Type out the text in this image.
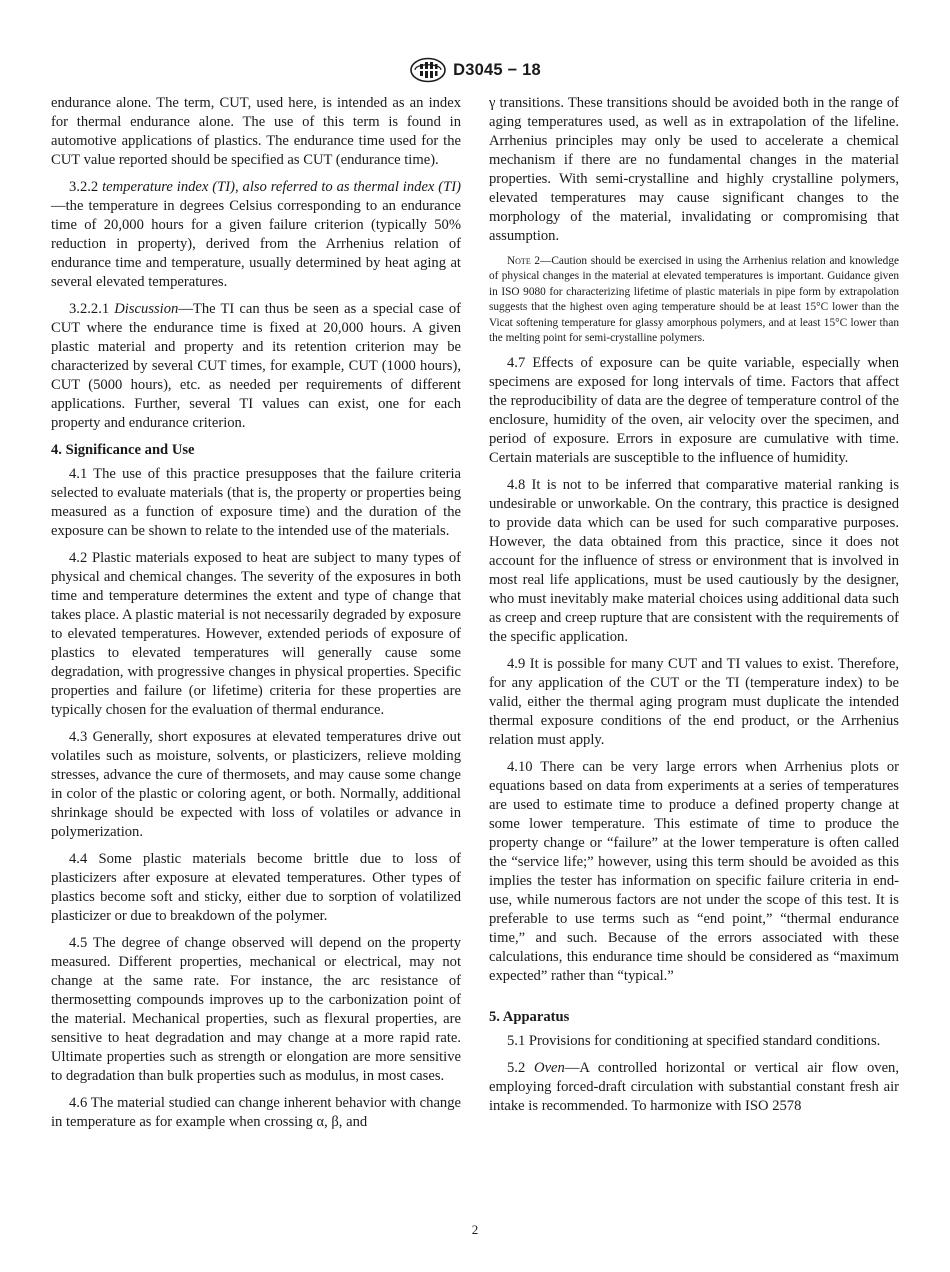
D3045 − 18

endurance alone. The term, CUT, used here, is intended as an index for thermal endurance alone. The use of this term is found in automotive applications of plastics. The endurance time used for the CUT value reported should be specified as CUT (endurance time).

3.2.2 temperature index (TI), also referred to as thermal index (TI)—the temperature in degrees Celsius corresponding to an endurance time of 20,000 hours for a given failure criterion (typically 50% reduction in property), derived from the Arrhenius relation of endurance time and temperature, usually determined by heat aging at several elevated temperatures.

3.2.2.1 Discussion—The TI can thus be seen as a special case of CUT where the endurance time is fixed at 20,000 hours. A given plastic material and property and its retention criterion may be characterized by several CUT times, for example, CUT (1000 hours), CUT (5000 hours), etc. as needed per requirements of different applications. Further, several TI values can exist, one for each property and endurance criterion.

4. Significance and Use

4.1 The use of this practice presupposes that the failure criteria selected to evaluate materials (that is, the property or properties being measured as a function of exposure time) and the duration of the exposure can be shown to relate to the intended use of the materials.

4.2 Plastic materials exposed to heat are subject to many types of physical and chemical changes. The severity of the exposures in both time and temperature determines the extent and type of change that takes place. A plastic material is not necessarily degraded by exposure to elevated temperatures. However, extended periods of exposure of plastics to elevated temperatures will generally cause some degradation, with progressive changes in physical properties. Specific properties and failure (or lifetime) criteria for these properties are typically chosen for the evaluation of thermal endurance.

4.3 Generally, short exposures at elevated temperatures drive out volatiles such as moisture, solvents, or plasticizers, relieve molding stresses, advance the cure of thermosets, and may cause some change in color of the plastic or coloring agent, or both. Normally, additional shrinkage should be expected with loss of volatiles or advance in polymerization.

4.4 Some plastic materials become brittle due to loss of plasticizers after exposure at elevated temperatures. Other types of plastics become soft and sticky, either due to sorption of volatilized plasticizer or due to breakdown of the polymer.

4.5 The degree of change observed will depend on the property measured. Different properties, mechanical or electrical, may not change at the same rate. For instance, the arc resistance of thermosetting compounds improves up to the carbonization point of the material. Mechanical properties, such as flexural properties, are sensitive to heat degradation and may change at a more rapid rate. Ultimate properties such as strength or elongation are more sensitive to degradation than bulk properties such as modulus, in most cases.

4.6 The material studied can change inherent behavior with change in temperature as for example when crossing α, β, and

γ transitions. These transitions should be avoided both in the range of aging temperatures used, as well as in extrapolation of the lifeline. Arrhenius principles may only be used to accelerate a chemical mechanism if there are no fundamental changes in the material properties. With semi-crystalline and highly crystalline polymers, elevated temperatures may cause significant changes to the morphology of the material, invalidating or compromising that assumption.

Note 2—Caution should be exercised in using the Arrhenius relation and knowledge of physical changes in the material at elevated temperatures is important. Guidance given in ISO 9080 for characterizing lifetime of plastic materials in pipe form by extrapolation suggests that the highest oven aging temperature should be at least 15°C lower than the Vicat softening temperature for glassy amorphous polymers, and at least 15°C lower than the melting point for semi-crystalline polymers.

4.7 Effects of exposure can be quite variable, especially when specimens are exposed for long intervals of time. Factors that affect the reproducibility of data are the degree of temperature control of the enclosure, humidity of the oven, air velocity over the specimen, and period of exposure. Errors in exposure are cumulative with time. Certain materials are susceptible to the influence of humidity.

4.8 It is not to be inferred that comparative material ranking is undesirable or unworkable. On the contrary, this practice is designed to provide data which can be used for such comparative purposes. However, the data obtained from this practice, since it does not account for the influence of stress or environment that is involved in most real life applications, must be used cautiously by the designer, who must inevitably make material choices using additional data such as creep and creep rupture that are consistent with the requirements of the specific application.

4.9 It is possible for many CUT and TI values to exist. Therefore, for any application of the CUT or the TI (temperature index) to be valid, either the thermal aging program must duplicate the intended thermal exposure conditions of the end product, or the Arrhenius relation must apply.

4.10 There can be very large errors when Arrhenius plots or equations based on data from experiments at a series of temperatures are used to estimate time to produce a defined property change at some lower temperature. This estimate of time to produce the property change or “failure” at the lower temperature is often called the “service life;” however, using this term should be avoided as this implies the tester has information on specific failure criteria in end-use, while numerous factors are not under the scope of this test. It is preferable to use terms such as “end point,” “thermal endurance time,” and such. Because of the errors associated with these calculations, this endurance time should be considered as “maximum expected” rather than “typical.”

5. Apparatus

5.1 Provisions for conditioning at specified standard conditions.

5.2 Oven—A controlled horizontal or vertical air flow oven, employing forced-draft circulation with substantial constant fresh air intake is recommended. To harmonize with ISO 2578

2
